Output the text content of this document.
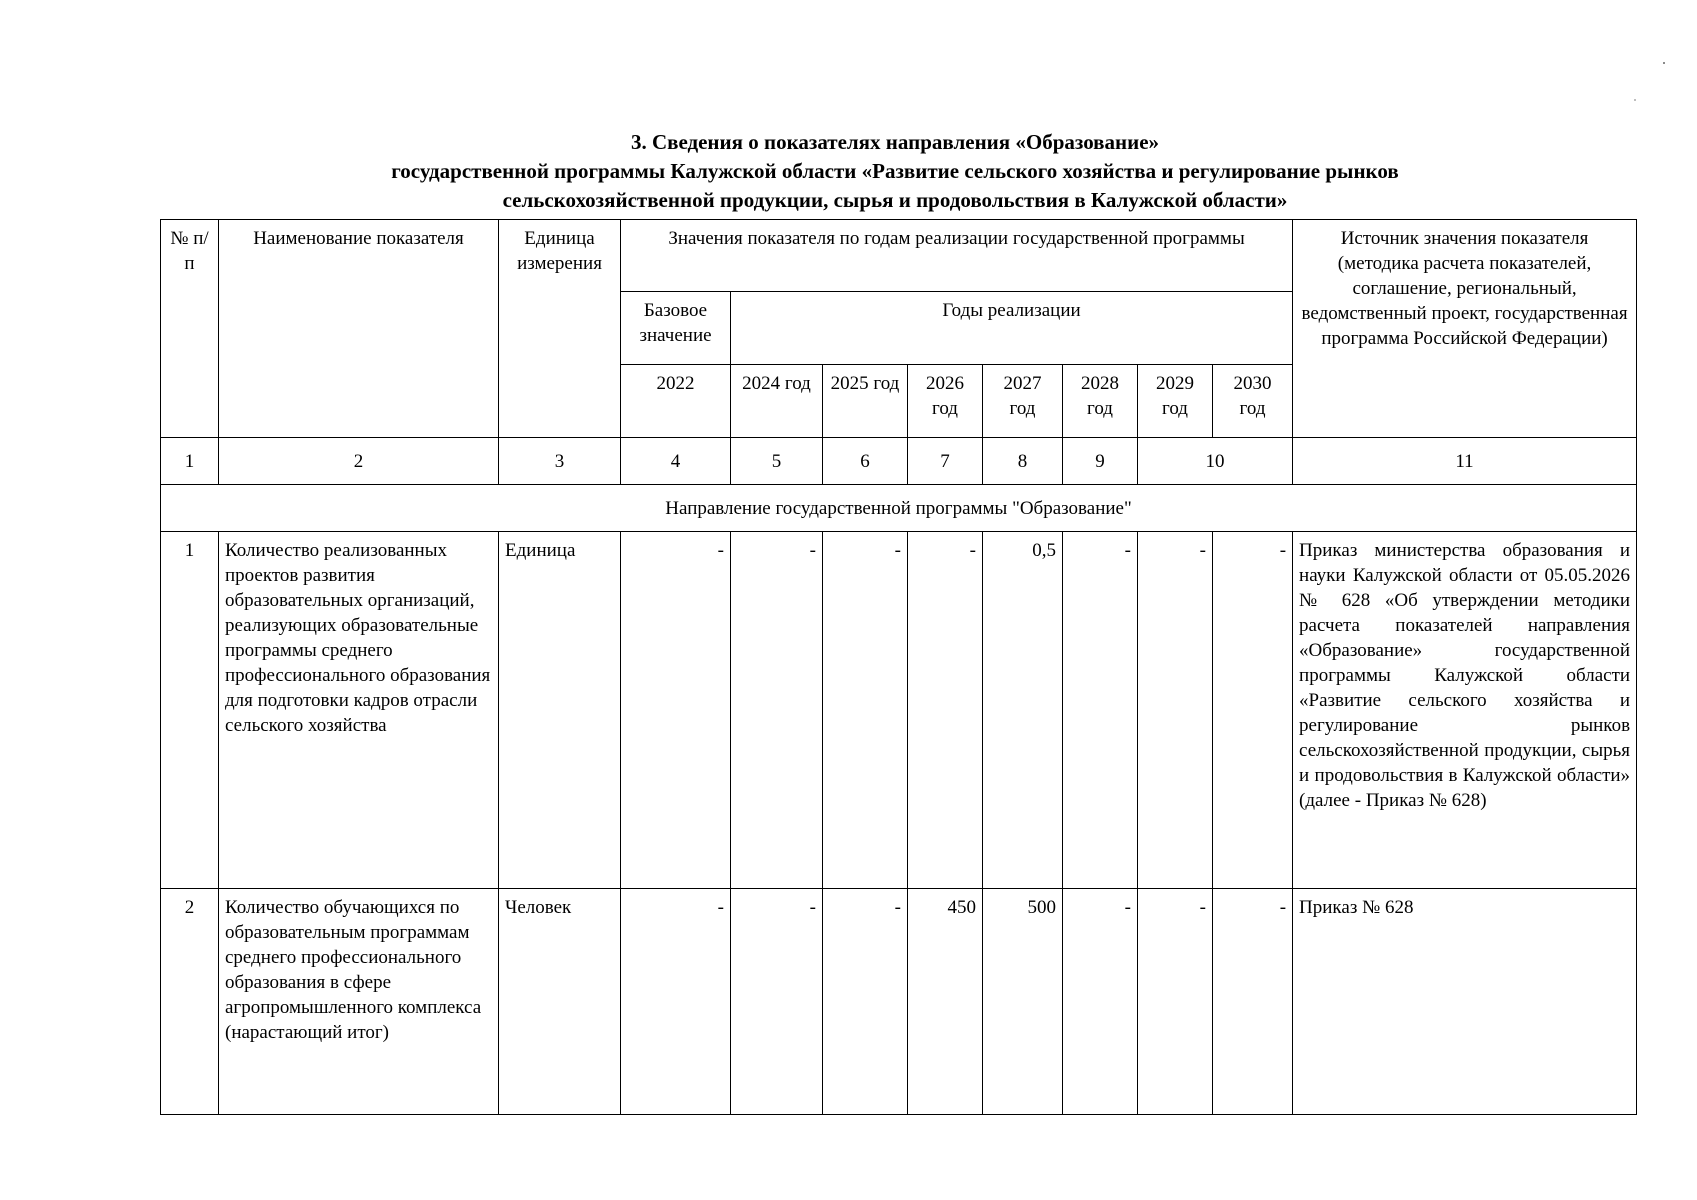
3. Сведения о показателях направления «Образование»
государственной программы Калужской области «Развитие сельского хозяйства и регулирование рынков
сельскохозяйственной продукции, сырья и продовольствия в Калужской области»
№ п/п	Наименование показателя	Единица измерения	Значения показателя по годам реализации государственной программы								Источник значения показателя (методика расчета показателей, соглашение, региональный, ведомственный проект, государственная программа Российской Федерации)
			Базовое значение	Годы реализации							
			2022	2024 год	2025 год	2026 год	2027 год	2028 год	2029 год	2030 год	
1	2	3	4	5	6	7	8	9	10		11
Направление государственной программы "Образование"											
1	Количество реализованных проектов развития образовательных организаций, реализующих образовательные программы среднего профессионального образования для подготовки кадров отрасли сельского хозяйства	Единица	-	-	-	-	0,5	-	-	-	Приказ министерства образования и науки Калужской области от 05.05.2026 № 628 «Об утверждении методики расчета показателей направления «Образование» государственной программы Калужской области «Развитие сельского хозяйства и регулирование рынков сельскохозяйственной продукции, сырья и продовольствия в Калужской области» (далее - Приказ № 628)
2	Количество обучающихся по образовательным программам среднего профессионального образования в сфере агропромышленного комплекса (нарастающий итог)	Человек	-	-	-	450	500	-	-	-	Приказ № 628
